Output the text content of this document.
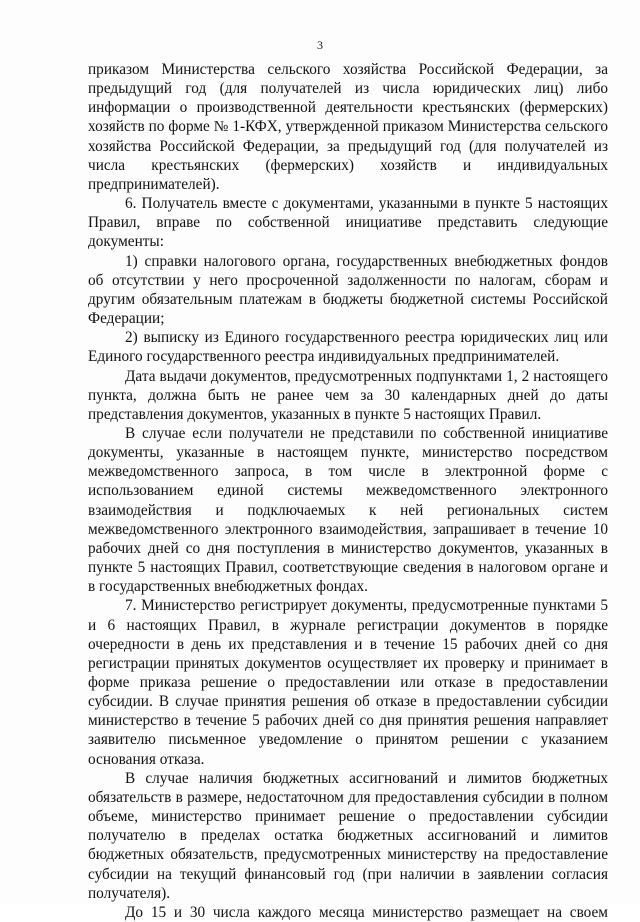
3

приказом Министерства сельского хозяйства Российской Федерации, за предыдущий год (для получателей из числа юридических лиц) либо информации о производственной деятельности крестьянских (фермерских) хозяйств по форме № 1-КФХ, утвержденной приказом Министерства сельского хозяйства Российской Федерации, за предыдущий год (для получателей из числа крестьянских (фермерских) хозяйств и индивидуальных предпринимателей).

6. Получатель вместе с документами, указанными в пункте 5 настоящих Правил, вправе по собственной инициативе представить следующие документы:

1) справки налогового органа, государственных внебюджетных фондов об отсутствии у него просроченной задолженности по налогам, сборам и другим обязательным платежам в бюджеты бюджетной системы Российской Федерации;

2) выписку из Единого государственного реестра юридических лиц или Единого государственного реестра индивидуальных предпринимателей.

Дата выдачи документов, предусмотренных подпунктами 1, 2 настоящего пункта, должна быть не ранее чем за 30 календарных дней до даты представления документов, указанных в пункте 5 настоящих Правил.

В случае если получатели не представили по собственной инициативе документы, указанные в настоящем пункте, министерство посредством межведомственного запроса, в том числе в электронной форме с использованием единой системы межведомственного электронного взаимодействия и подключаемых к ней региональных систем межведомственного электронного взаимодействия, запрашивает в течение 10 рабочих дней со дня поступления в министерство документов, указанных в пункте 5 настоящих Правил, соответствующие сведения в налоговом органе и в государственных внебюджетных фондах.

7. Министерство регистрирует документы, предусмотренные пунктами 5 и 6 настоящих Правил, в журнале регистрации документов в порядке очередности в день их представления и в течение 15 рабочих дней со дня регистрации принятых документов осуществляет их проверку и принимает в форме приказа решение о предоставлении или отказе в предоставлении субсидии. В случае принятия решения об отказе в предоставлении субсидии министерство в течение 5 рабочих дней со дня принятия решения направляет заявителю письменное уведомление о принятом решении с указанием основания отказа.

В случае наличия бюджетных ассигнований и лимитов бюджетных обязательств в размере, недостаточном для предоставления субсидии в полном объеме, министерство принимает решение о предоставлении субсидии получателю в пределах остатка бюджетных ассигнований и лимитов бюджетных обязательств, предусмотренных министерству на предоставление субсидии на текущий финансовый год (при наличии в заявлении согласия получателя).

До 15 и 30 числа каждого месяца министерство размещает на своем
